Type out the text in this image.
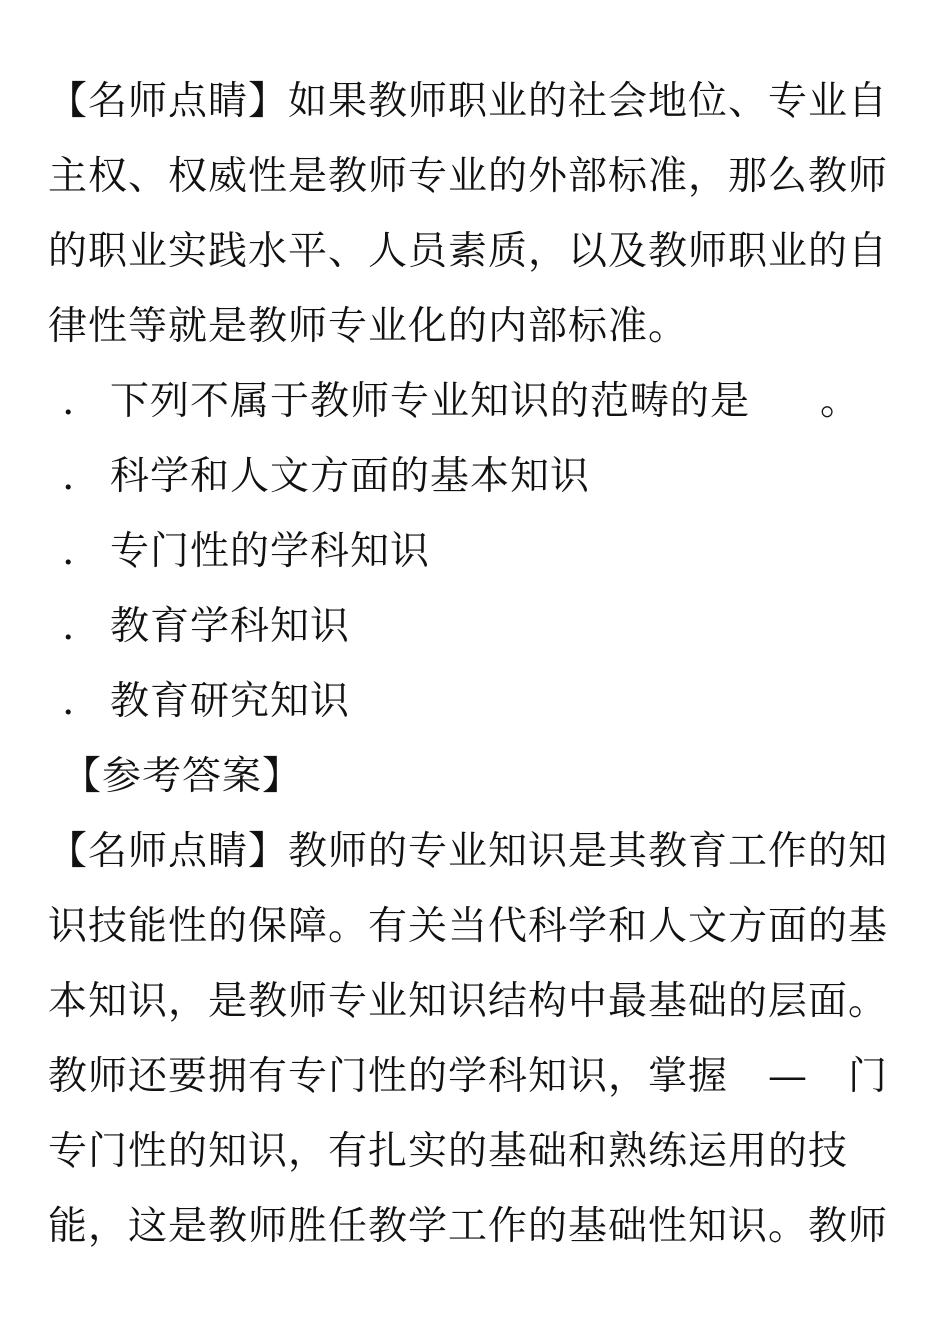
【名师点睛】如果教师职业的社会地位、专业自
主权、权威性是教师专业的外部标准，那么教师
的职业实践水平、人员素质，以及教师职业的自
律性等就是教师专业化的内部标准。
. 下列不属于教师专业知识的范畴的是 。
. 科学和人文方面的基本知识
. 专门性的学科知识
. 教育学科知识
. 教育研究知识
【参考答案】
【名师点睛】教师的专业知识是其教育工作的知
识技能性的保障。有关当代科学和人文方面的基
本知识，是教师专业知识结构中最基础的层面。
教师还要拥有专门性的学科知识，掌握　—　门
专门性的知识，有扎实的基础和熟练运用的技
能，这是教师胜任教学工作的基础性知识。教师
